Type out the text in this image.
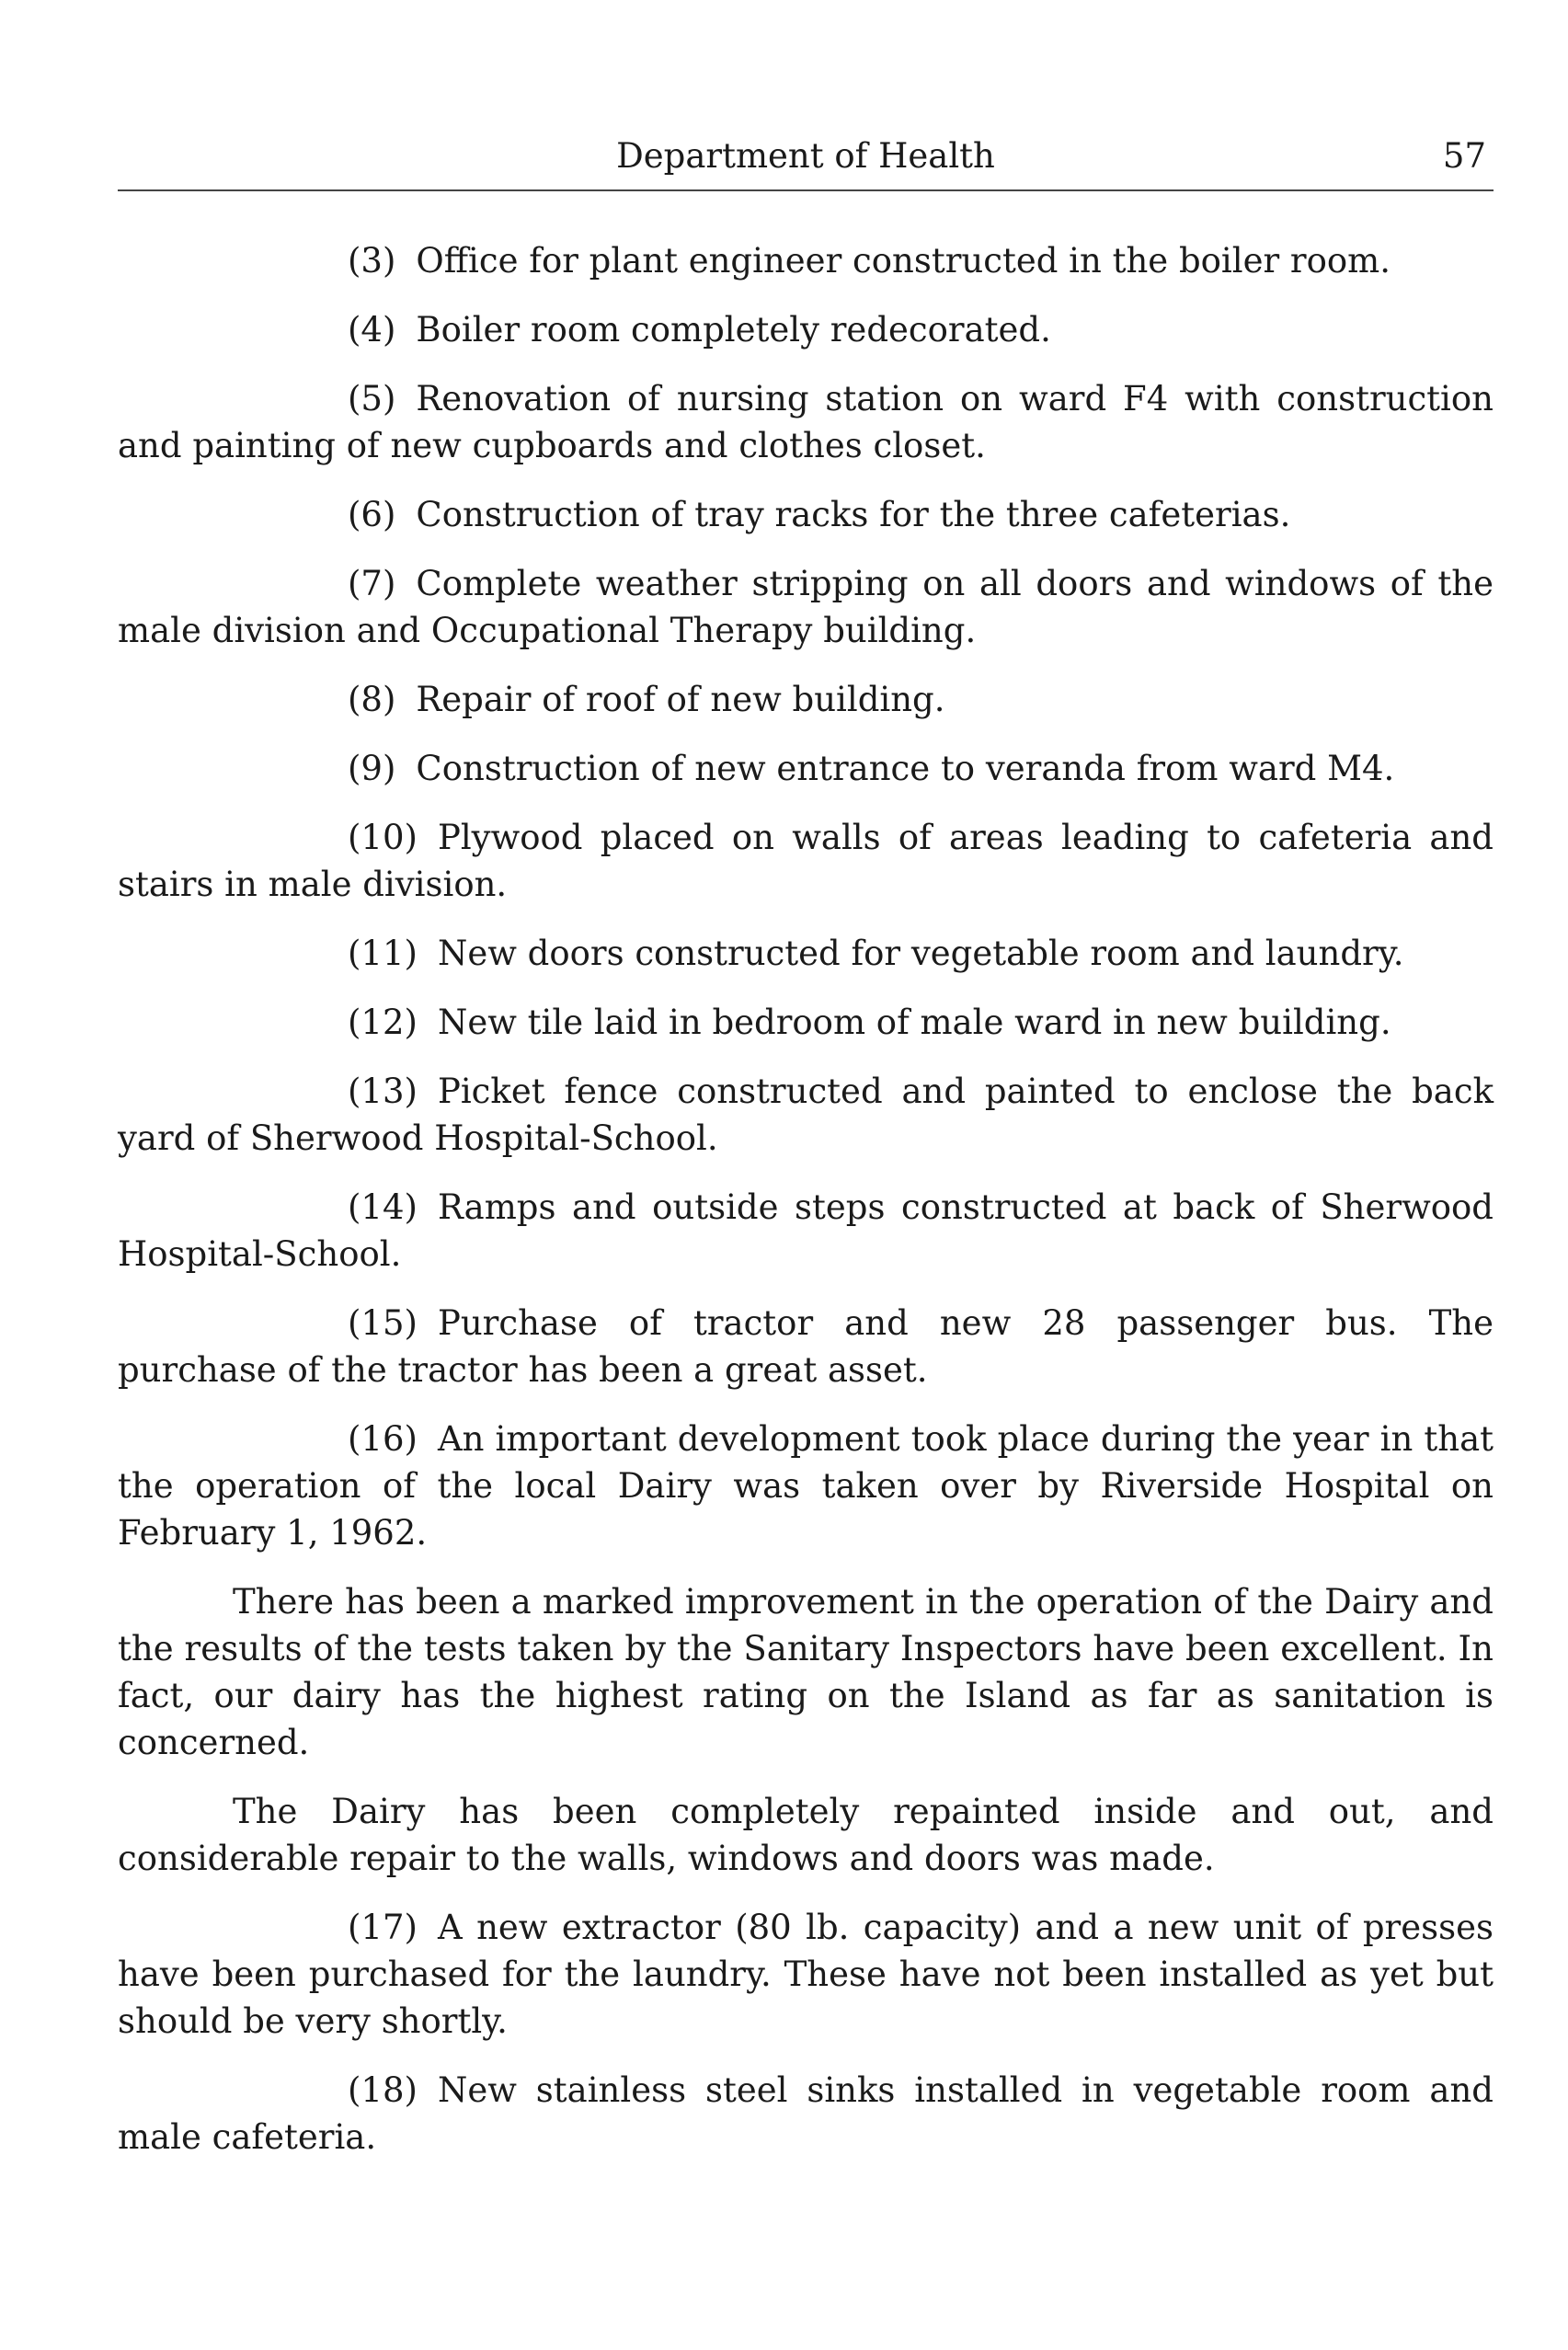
Department of Health	57

(3) Office for plant engineer constructed in the boiler room.

(4) Boiler room completely redecorated.

(5) Renovation of nursing station on ward F4 with construction and painting of new cupboards and clothes closet.

(6) Construction of tray racks for the three cafeterias.

(7) Complete weather stripping on all doors and windows of the male division and Occupational Therapy building.

(8) Repair of roof of new building.

(9) Construction of new entrance to veranda from ward M4.

(10) Plywood placed on walls of areas leading to cafeteria and stairs in male division.

(11) New doors constructed for vegetable room and laundry.

(12) New tile laid in bedroom of male ward in new building.

(13) Picket fence constructed and painted to enclose the back yard of Sherwood Hospital-School.

(14) Ramps and outside steps constructed at back of Sherwood Hospital-School.

(15) Purchase of tractor and new 28 passenger bus. The purchase of the tractor has been a great asset.

(16) An important development took place during the year in that the operation of the local Dairy was taken over by Riverside Hospital on February 1, 1962.

There has been a marked improvement in the operation of the Dairy and the results of the tests taken by the Sanitary Inspectors have been excellent. In fact, our dairy has the highest rating on the Island as far as sanitation is concerned.

The Dairy has been completely repainted inside and out, and considerable repair to the walls, windows and doors was made.

(17) A new extractor (80 lb. capacity) and a new unit of presses have been purchased for the laundry. These have not been installed as yet but should be very shortly.

(18) New stainless steel sinks installed in vegetable room and male cafeteria.
